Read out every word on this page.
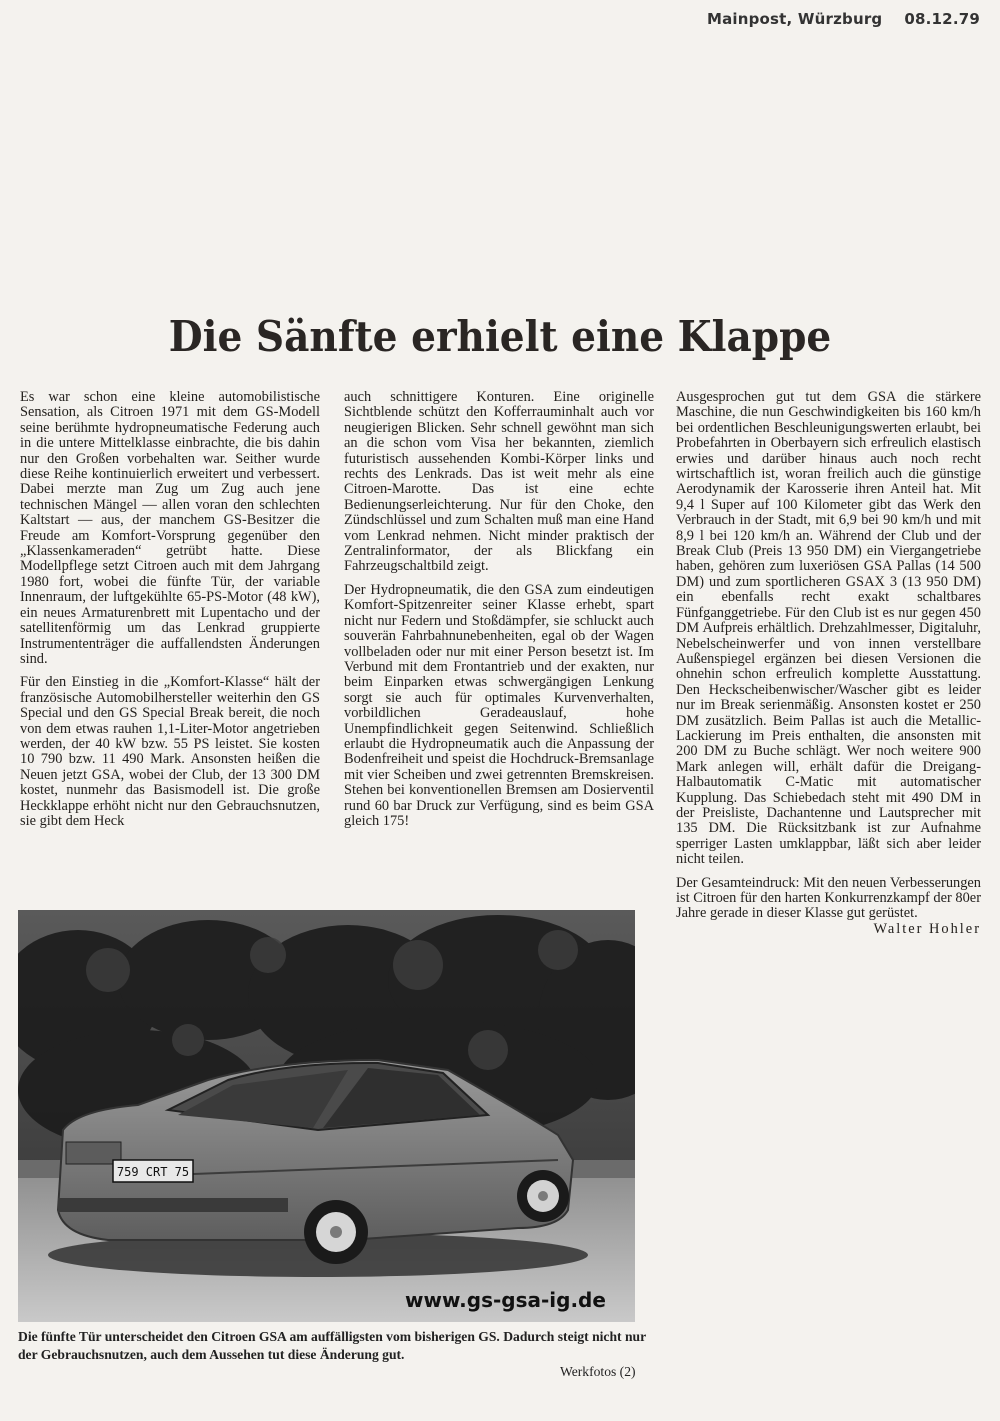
Mainpost, Würzburg 08.12.79
Die Sänfte erhielt eine Klappe

Es war schon eine kleine automobilistische Sensation, als Citroen 1971 mit dem GS-Modell seine berühmte hydropneumatische Federung auch in die untere Mittelklasse einbrachte, die bis dahin nur den Großen vorbehalten war. Seither wurde diese Reihe kontinuierlich erweitert und verbessert. Dabei merzte man Zug um Zug auch jene technischen Mängel — allen voran den schlechten Kaltstart — aus, der manchem GS-Besitzer die Freude am Komfort-Vorsprung gegenüber den „Klassenkameraden“ getrübt hatte. Diese Modellpflege setzt Citroen auch mit dem Jahrgang 1980 fort, wobei die fünfte Tür, der variable Innenraum, der luftgekühlte 65-PS-Motor (48 kW), ein neues Armaturenbrett mit Lupentacho und der satellitenförmig um das Lenkrad gruppierte Instrumententräger die auffallendsten Änderungen sind.

Für den Einstieg in die „Komfort-Klasse“ hält der französische Automobilhersteller weiterhin den GS Special und den GS Special Break bereit, die noch von dem etwas rauhen 1,1-Liter-Motor angetrieben werden, der 40 kW bzw. 55 PS leistet. Sie kosten 10 790 bzw. 11 490 Mark. Ansonsten heißen die Neuen jetzt GSA, wobei der Club, der 13 300 DM kostet, nunmehr das Basismodell ist. Die große Heckklappe erhöht nicht nur den Gebrauchsnutzen, sie gibt dem Heck

auch schnittigere Konturen. Eine originelle Sichtblende schützt den Kofferrauminhalt auch vor neugierigen Blicken. Sehr schnell gewöhnt man sich an die schon vom Visa her bekannten, ziemlich futuristisch aussehenden Kombi-Körper links und rechts des Lenkrads. Das ist weit mehr als eine Citroen-Marotte. Das ist eine echte Bedienungserleichterung. Nur für den Choke, den Zündschlüssel und zum Schalten muß man eine Hand vom Lenkrad nehmen. Nicht minder praktisch der Zentralinformator, der als Blickfang ein Fahrzeugschaltbild zeigt.

Der Hydropneumatik, die den GSA zum eindeutigen Komfort-Spitzenreiter seiner Klasse erhebt, spart nicht nur Federn und Stoßdämpfer, sie schluckt auch souverän Fahrbahnunebenheiten, egal ob der Wagen vollbeladen oder nur mit einer Person besetzt ist. Im Verbund mit dem Frontantrieb und der exakten, nur beim Einparken etwas schwergängigen Lenkung sorgt sie auch für optimales Kurvenverhalten, vorbildlichen Geradeauslauf, hohe Unempfindlichkeit gegen Seitenwind. Schließlich erlaubt die Hydropneumatik auch die Anpassung der Bodenfreiheit und speist die Hochdruck-Bremsanlage mit vier Scheiben und zwei getrennten Bremskreisen. Stehen bei konventionellen Bremsen am Dosierventil rund 60 bar Druck zur Verfügung, sind es beim GSA gleich 175!

Ausgesprochen gut tut dem GSA die stärkere Maschine, die nun Geschwindigkeiten bis 160 km/h bei ordentlichen Beschleunigungswerten erlaubt, bei Probefahrten in Oberbayern sich erfreulich elastisch erwies und darüber hinaus auch noch recht wirtschaftlich ist, woran freilich auch die günstige Aerodynamik der Karosserie ihren Anteil hat. Mit 9,4 l Super auf 100 Kilometer gibt das Werk den Verbrauch in der Stadt, mit 6,9 bei 90 km/h und mit 8,9 l bei 120 km/h an. Während der Club und der Break Club (Preis 13 950 DM) ein Viergangetriebe haben, gehören zum luxeriösen GSA Pallas (14 500 DM) und zum sportlicheren GSAX 3 (13 950 DM) ein ebenfalls recht exakt schaltbares Fünfganggetriebe. Für den Club ist es nur gegen 450 DM Aufpreis erhältlich. Drehzahlmesser, Digitaluhr, Nebelscheinwerfer und von innen verstellbare Außenspiegel ergänzen bei diesen Versionen die ohnehin schon erfreulich komplette Ausstattung. Den Heckscheibenwischer/Wascher gibt es leider nur im Break serienmäßig. Ansonsten kostet er 250 DM zusätzlich. Beim Pallas ist auch die Metallic-Lackierung im Preis enthalten, die ansonsten mit 200 DM zu Buche schlägt. Wer noch weitere 900 Mark anlegen will, erhält dafür die Dreigang-Halbautomatik C-Matic mit automatischer Kupplung. Das Schiebedach steht mit 490 DM in der Preisliste, Dachantenne und Lautsprecher mit 135 DM. Die Rücksitzbank ist zur Aufnahme sperriger Lasten umklappbar, läßt sich aber leider nicht teilen.

Der Gesamteindruck: Mit den neuen Verbesserungen ist Citroen für den harten Konkurrenzkampf der 80er Jahre gerade in dieser Klasse gut gerüstet.
Walter Hohler

759 CRT 75
www.gs-gsa-ig.de
Die fünfte Tür unterscheidet den Citroen GSA am auffälligsten vom bisherigen GS. Dadurch steigt nicht nur der Gebrauchsnutzen, auch dem Aussehen tut diese Änderung gut.
Werkfotos (2)
